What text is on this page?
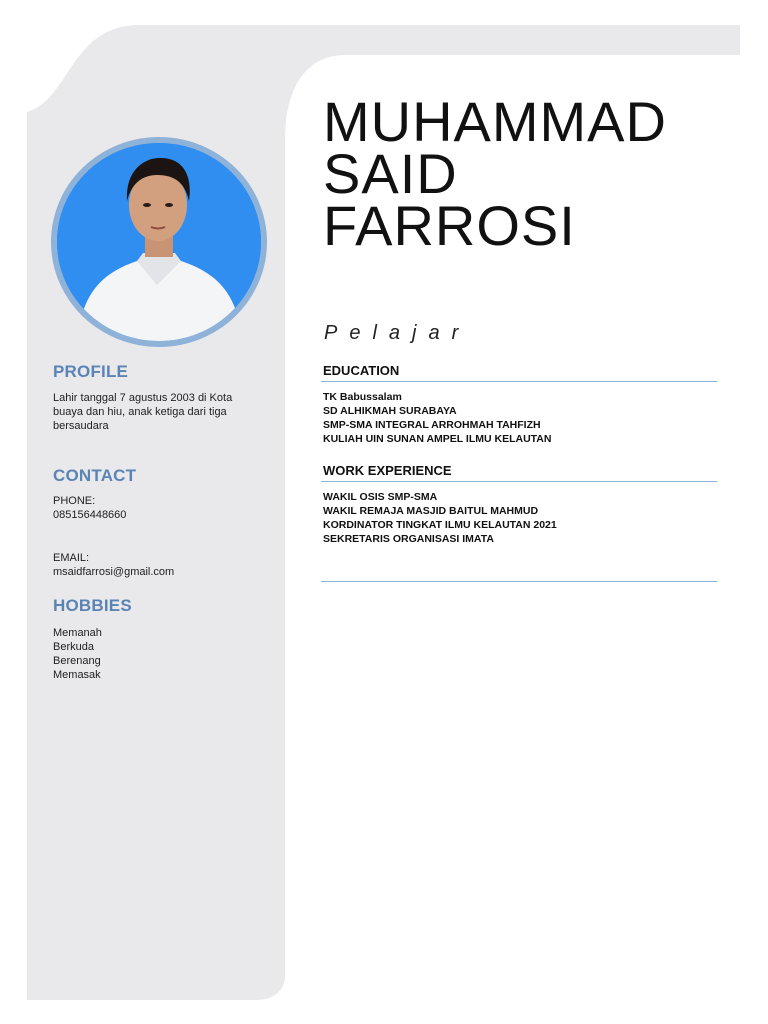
PROFILE
Lahir tanggal 7 agustus 2003 di Kota
buaya dan hiu, anak ketiga dari tiga
bersaudara
CONTACT
PHONE:
085156448660
EMAIL:
msaidfarrosi@gmail.com
HOBBIES
Memanah
Berkuda
Berenang
Memasak
MUHAMMAD
SAID
FARROSI
Pelajar
EDUCATION
TK Babussalam
SD ALHIKMAH SURABAYA
SMP-SMA INTEGRAL ARROHMAH TAHFIZH
KULIAH UIN SUNAN AMPEL ILMU KELAUTAN
WORK EXPERIENCE
WAKIL OSIS SMP-SMA
WAKIL REMAJA MASJID BAITUL MAHMUD
KORDINATOR TINGKAT ILMU KELAUTAN 2021
SEKRETARIS ORGANISASI IMATA
